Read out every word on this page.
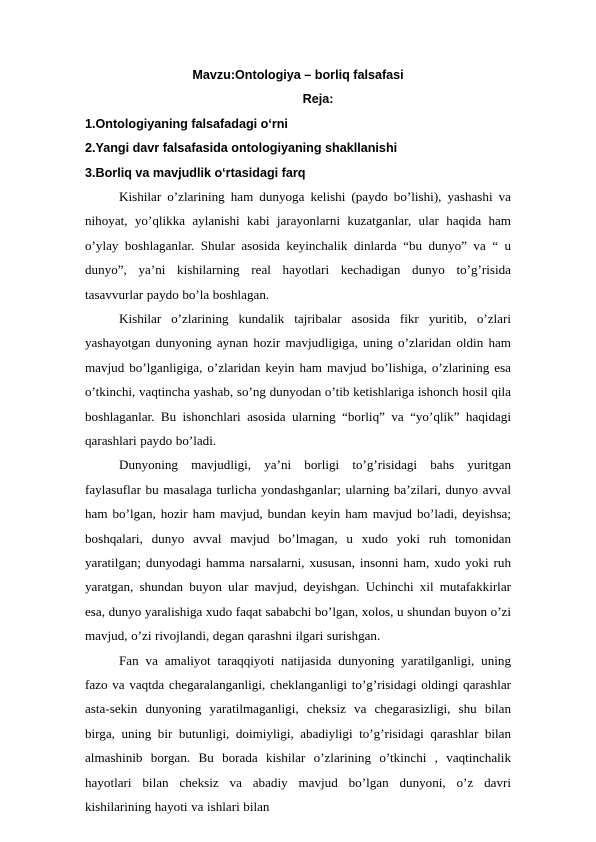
Mavzu:Ontologiya – borliq falsafasi

Reja:

1.Ontologiyaning falsafadagi o‘rni

2.Yangi davr falsafasida ontologiyaning shakllanishi

3.Borliq va mavjudlik o‘rtasidagi farq

Kishilar o’zlarining ham dunyoga kelishi (paydo bo’lishi), yashashi va nihoyat, yo’qlikka aylanishi kabi jarayonlarni kuzatganlar, ular haqida ham o’ylay boshlaganlar. Shular asosida keyinchalik dinlarda “bu dunyo” va “ u dunyo”, ya’ni kishilarning real hayotlari kechadigan dunyo to’g’risida tasavvurlar paydo bo’la boshlagan.

Kishilar o’zlarining kundalik tajribalar asosida fikr yuritib, o’zlari yashayotgan dunyoning aynan hozir mavjudligiga, uning o’zlaridan oldin ham mavjud bo’lganligiga, o’zlaridan keyin ham mavjud bo’lishiga, o’zlarining esa o’tkinchi, vaqtincha yashab, so’ng dunyodan o’tib ketishlariga ishonch hosil qila boshlaganlar. Bu ishonchlari asosida ularning “borliq” va “yo’qlik” haqidagi qarashlari paydo bo’ladi.

Dunyoning mavjudligi, ya’ni borligi to’g’risidagi bahs yuritgan faylasuflar bu masalaga turlicha yondashganlar; ularning ba’zilari, dunyo avval ham bo’lgan, hozir ham mavjud, bundan keyin ham mavjud bo’ladi, deyishsa; boshqalari, dunyo avval mavjud bo’lmagan, u xudo yoki ruh tomonidan yaratilgan; dunyodagi hamma narsalarni, xususan, insonni ham, xudo yoki ruh yaratgan, shundan buyon ular mavjud, deyishgan. Uchinchi xil mutafakkirlar esa, dunyo yaralishiga xudo faqat sababchi bo’lgan, xolos, u shundan buyon o’zi mavjud, o’zi rivojlandi, degan qarashni ilgari surishgan.

Fan va amaliyot taraqqiyoti natijasida dunyoning yaratilganligi, uning fazo va vaqtda chegaralanganligi, cheklanganligi to’g’risidagi oldingi qarashlar asta-sekin dunyoning yaratilmaganligi, cheksiz va chegarasizligi, shu bilan birga, uning bir butunligi, doimiyligi, abadiyligi to’g’risidagi qarashlar bilan almashinib borgan. Bu borada kishilar o’zlarining o’tkinchi , vaqtinchalik hayotlari bilan cheksiz va abadiy mavjud bo’lgan dunyoni, o’z davri kishilarining hayoti va ishlari bilan
